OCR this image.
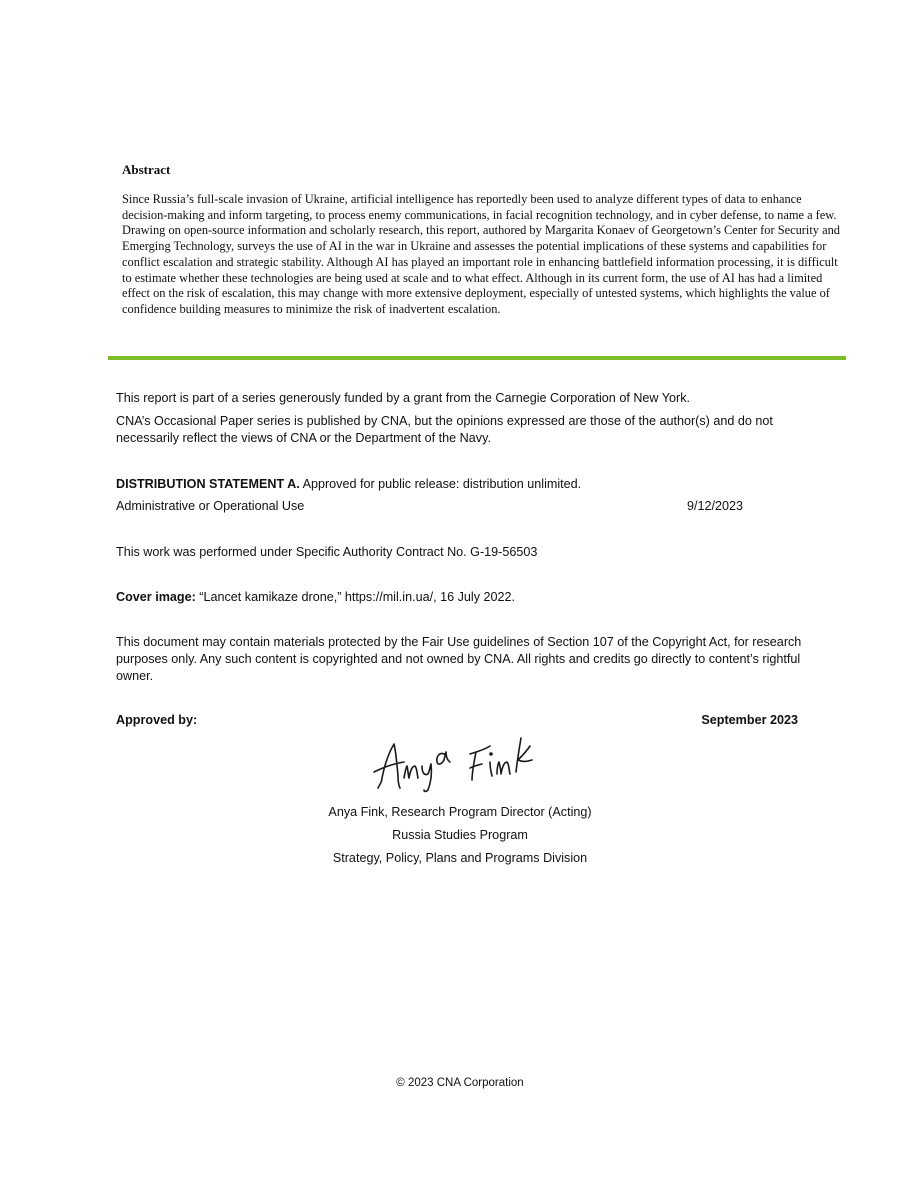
Abstract

Since Russia’s full-scale invasion of Ukraine, artificial intelligence has reportedly been used to analyze different types of data to enhance decision-making and inform targeting, to process enemy communications, in facial recognition technology, and in cyber defense, to name a few. Drawing on open-source information and scholarly research, this report, authored by Margarita Konaev of Georgetown’s Center for Security and Emerging Technology, surveys the use of AI in the war in Ukraine and assesses the potential implications of these systems and capabilities for conflict escalation and strategic stability. Although AI has played an important role in enhancing battlefield information processing, it is difficult to estimate whether these technologies are being used at scale and to what effect. Although in its current form, the use of AI has had a limited effect on the risk of escalation, this may change with more extensive deployment, especially of untested systems, which highlights the value of confidence building measures to minimize the risk of inadvertent escalation.

This report is part of a series generously funded by a grant from the Carnegie Corporation of New York.

CNA’s Occasional Paper series is published by CNA, but the opinions expressed are those of the author(s) and do not necessarily reflect the views of CNA or the Department of the Navy.

DISTRIBUTION STATEMENT A. Approved for public release: distribution unlimited.

Administrative or Operational Use	9/12/2023

This work was performed under Specific Authority Contract No. G-19-56503

Cover image: “Lancet kamikaze drone,” https://mil.in.ua/, 16 July 2022.

This document may contain materials protected by the Fair Use guidelines of Section 107 of the Copyright Act, for research purposes only. Any such content is copyrighted and not owned by CNA. All rights and credits go directly to content’s rightful owner.

Approved by:	September 2023
Anya Fink, Research Program Director (Acting)
Russia Studies Program
Strategy, Policy, Plans and Programs Division
© 2023 CNA Corporation
